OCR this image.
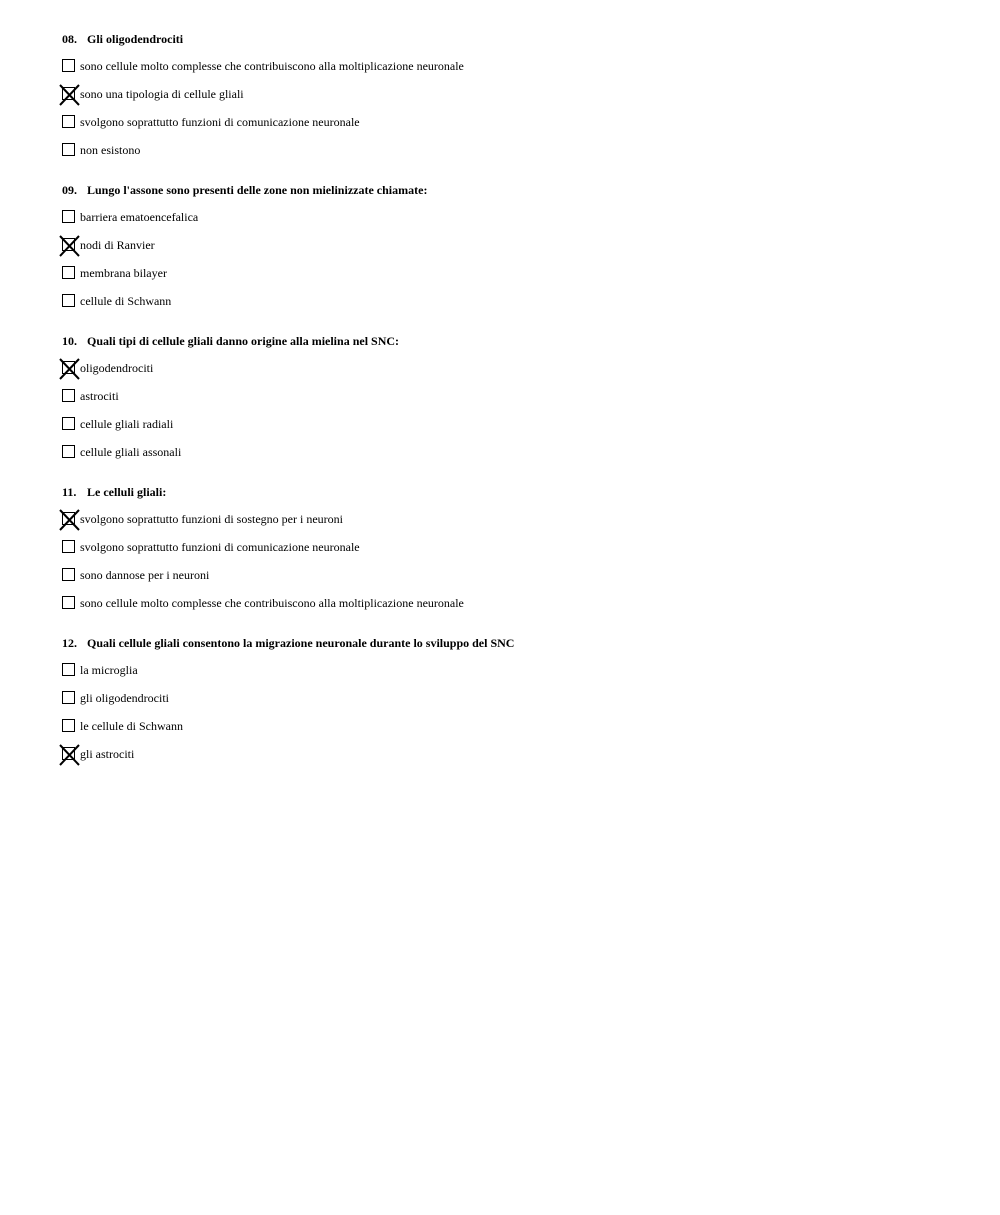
08. Gli oligodendrociti
sono cellule molto complesse che contribuiscono alla moltiplicazione neuronale
sono una tipologia di cellule gliali
svolgono soprattutto funzioni di comunicazione neuronale
non esistono
09. Lungo l'assone sono presenti delle zone non mielinizzate chiamate:
barriera ematoencefalica
nodi di Ranvier
membrana bilayer
cellule di Schwann
10. Quali tipi di cellule gliali danno origine alla mielina nel SNC:
oligodendrociti
astrociti
cellule gliali radiali
cellule gliali assonali
11. Le celluli gliali:
svolgono soprattutto funzioni di sostegno per i neuroni
svolgono soprattutto funzioni di comunicazione neuronale
sono dannose per i neuroni
sono cellule molto complesse che contribuiscono alla moltiplicazione neuronale
12. Quali cellule gliali consentono la migrazione neuronale durante lo sviluppo del SNC
la microglia
gli oligodendrociti
le cellule di Schwann
gli astrociti
